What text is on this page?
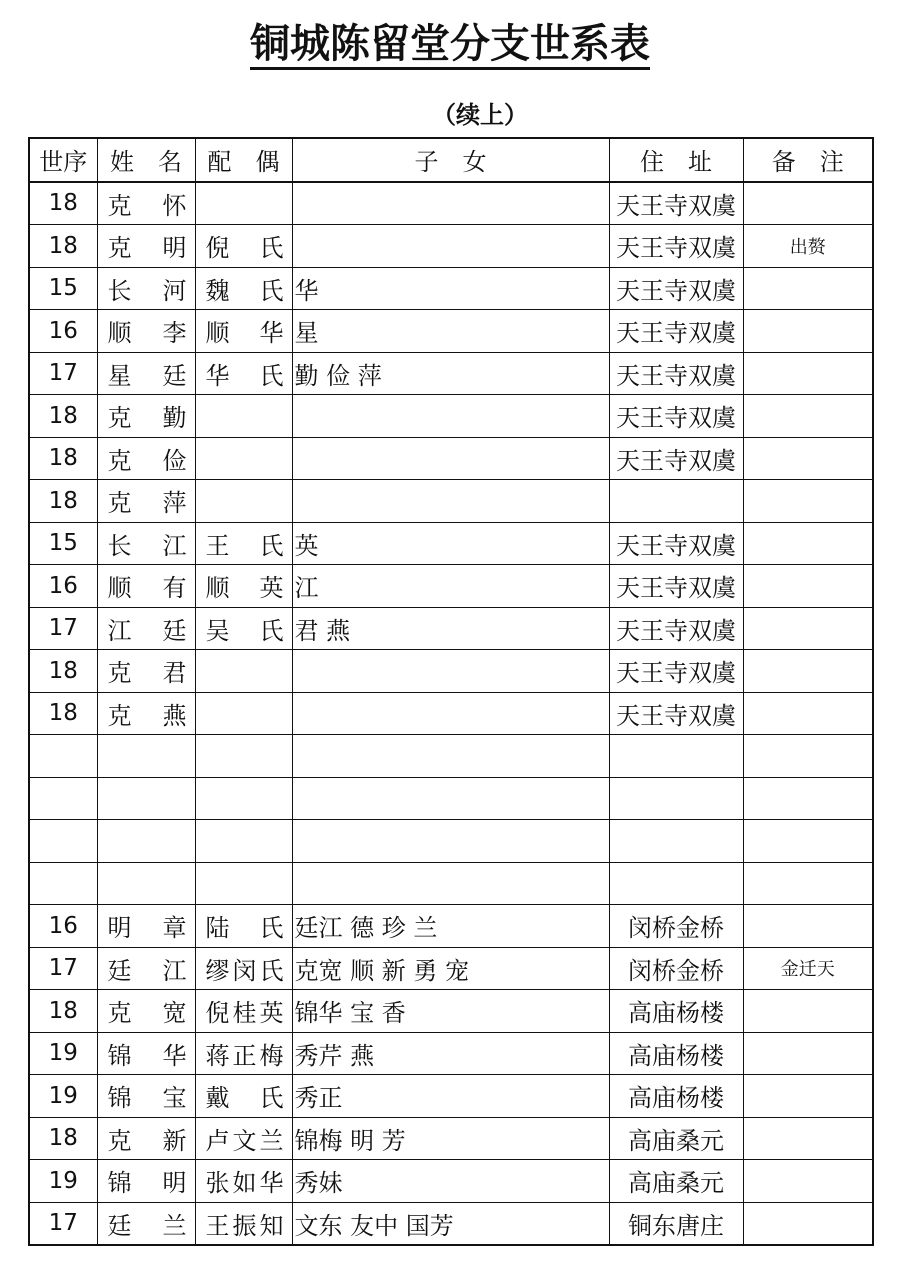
铜城陈留堂分支世系表
（续上）
世序	姓　名	配　偶	子　女	住　址	备　注
18	克怀			天王寺双虞	
18	克明	倪氏		天王寺双虞	出赘
15	长河	魏氏	华	天王寺双虞	
16	顺李	顺华	星	天王寺双虞	
17	星廷	华氏	勤 俭 萍	天王寺双虞	
18	克勤			天王寺双虞	
18	克俭			天王寺双虞	
18	克萍				
15	长江	王氏	英	天王寺双虞	
16	顺有	顺英	江	天王寺双虞	
17	江廷	吴氏	君 燕	天王寺双虞	
18	克君			天王寺双虞	
18	克燕			天王寺双虞	

16	明章	陆氏	廷江 德 珍 兰	闵桥金桥	
17	廷江	缪闵氏	克宽 顺 新 勇 宠	闵桥金桥	金迁天
18	克宽	倪桂英	锦华 宝 香	高庙杨楼	
19	锦华	蒋正梅	秀芹 燕	高庙杨楼	
19	锦宝	戴氏	秀正	高庙杨楼	
18	克新	卢文兰	锦梅 明 芳	高庙桑元	
19	锦明	张如华	秀妹	高庙桑元	
17	廷兰	王振知	文东 友中 国芳	铜东唐庄	
